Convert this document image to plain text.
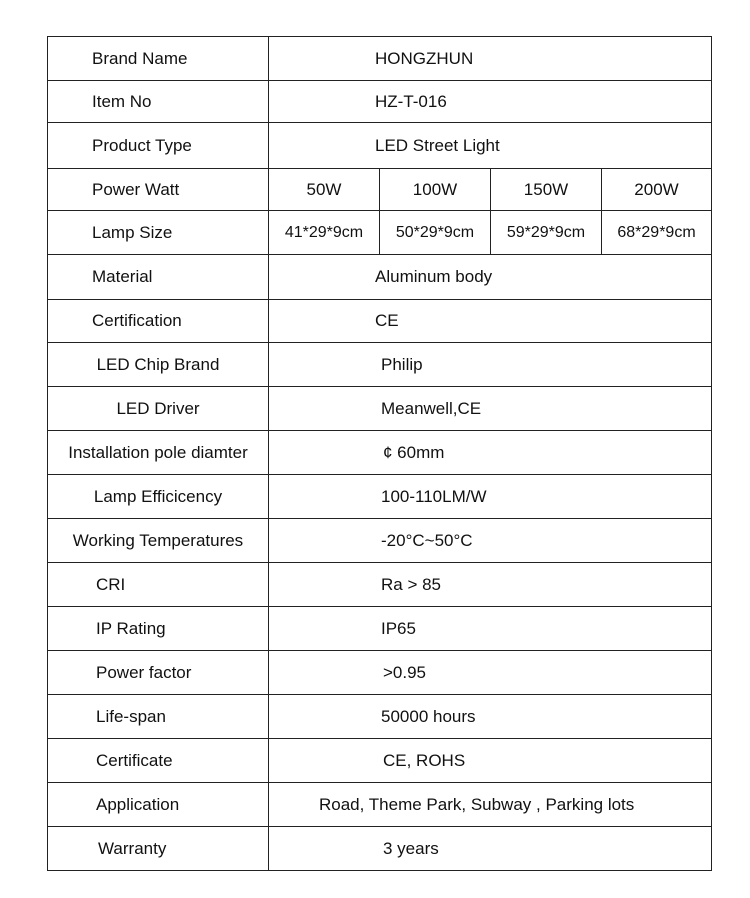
Brand Name	HONGZHUN			
Item No	HZ-T-016			
Product Type	LED Street Light			
Power Watt	50W	100W	150W	200W
Lamp Size	41*29*9cm	50*29*9cm	59*29*9cm	68*29*9cm
Material	Aluminum body			
Certification	CE			
LED Chip Brand	Philip			
LED Driver	Meanwell,CE			
Installation pole diamter	¢ 60mm			
Lamp Efficicency	100-110LM/W			
Working Temperatures	-20°C~50°C			
CRI	Ra > 85			
IP Rating	IP65			
Power factor	>0.95			
Life-span	50000 hours			
Certificate	CE, ROHS			
Application	Road, Theme Park, Subway , Parking lots			
Warranty	3 years			
